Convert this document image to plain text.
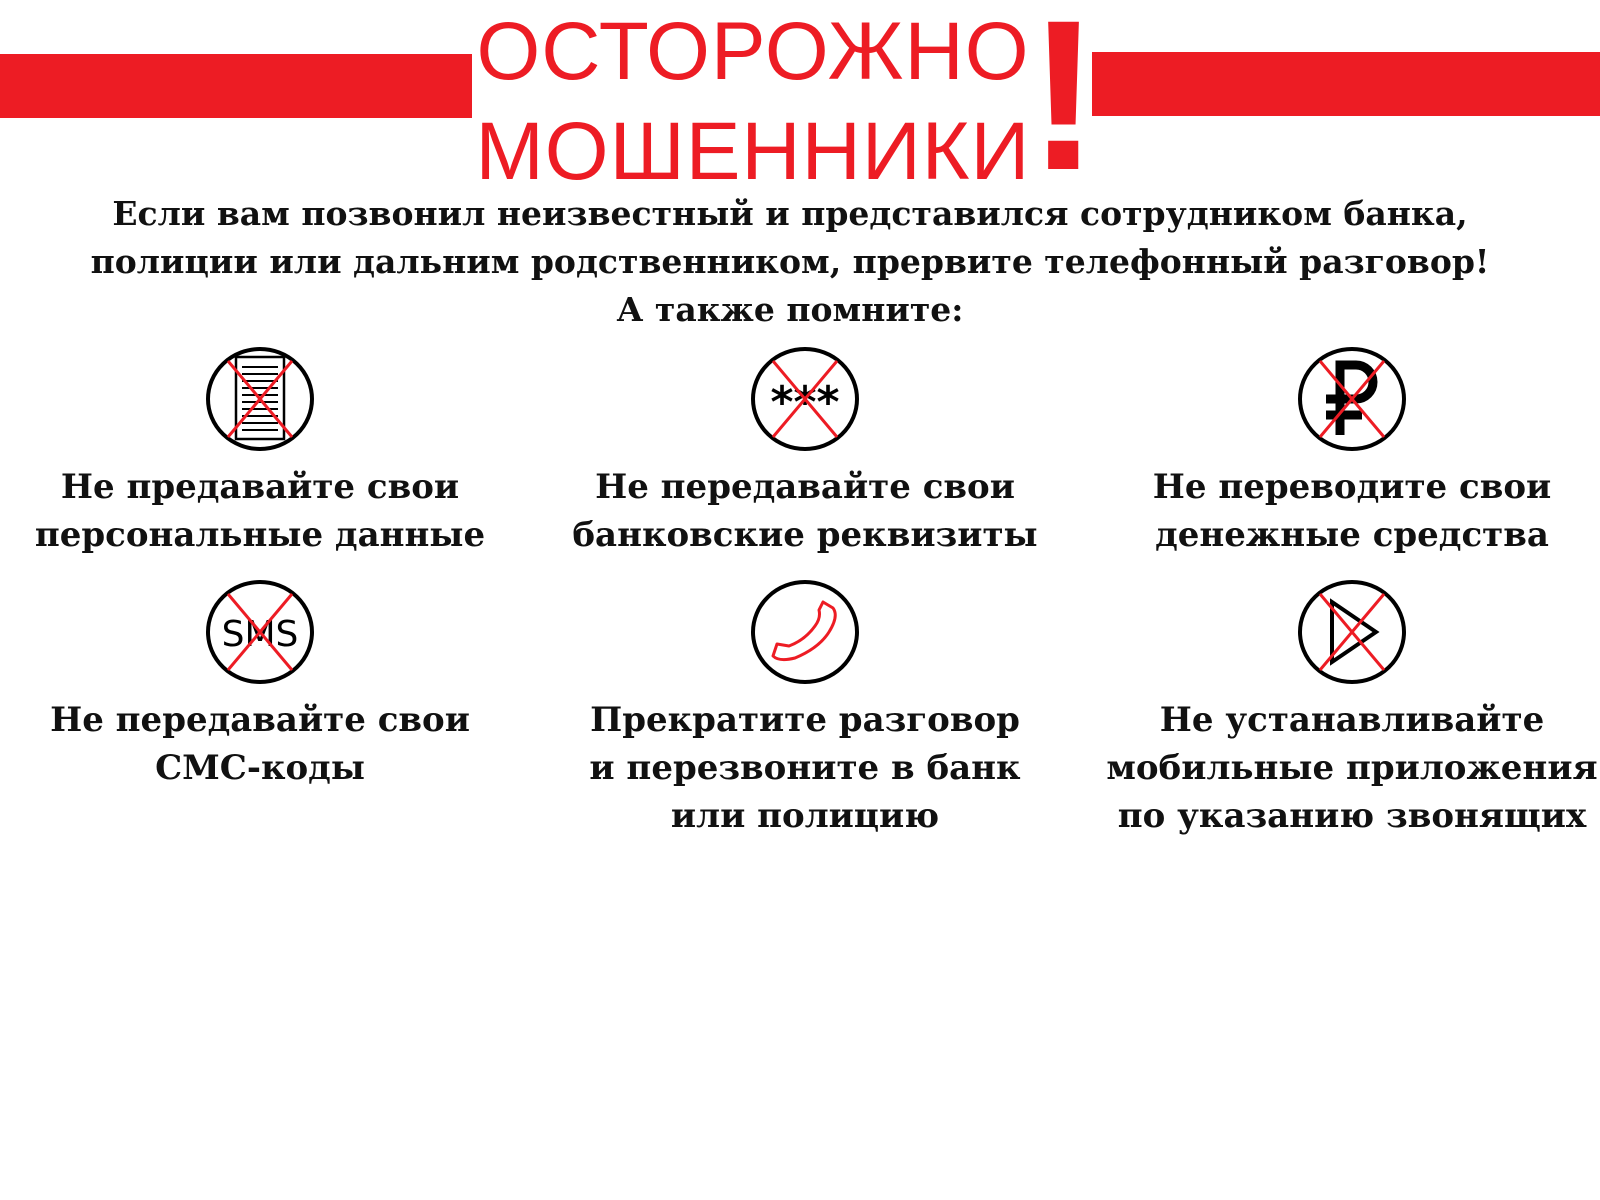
ОСТОРОЖНО
МОШЕННИКИ
!

Если вам позвонил неизвестный и представился сотрудником банка,
полиции или дальним родственником, прервите телефонный разговор!
А также помните:

Не предавайте свои
персональные данные
***
Не передавайте свои
банковские реквизиты
Не переводите свои
денежные средства
SMS
Не передавайте свои
СМС-коды
Прекратите разговор
и перезвоните в банк
или полицию
Не устанавливайте
мобильные приложения
по указанию звонящих
